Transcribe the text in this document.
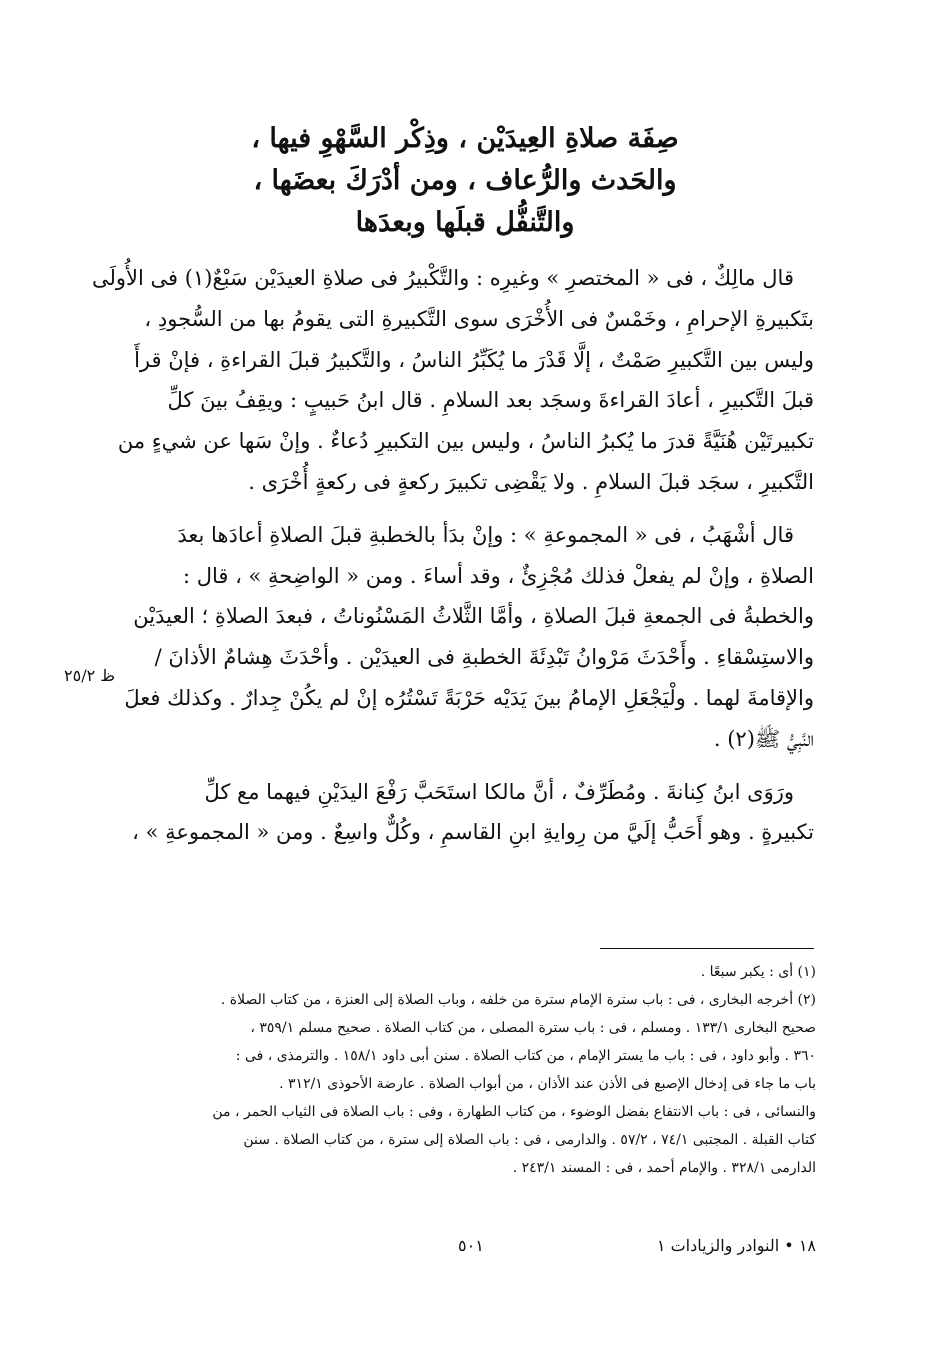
صِفَة صلاةِ العِيدَيْن ، وذِكْر السَّهْوِ فيها ،
والحَدث والرُّعاف ، ومن أدْرَكَ بعضَها ،
والتَّنفُّل قبلَها وبعدَها
قال مالِكٌ ، فى « المختصرِ » وغيرِه : والتَّكْبيرُ فى صلاةِ العيدَيْن سَبْعٌ(١) فى الأُولَى
بتَكبيرةِ الإحرامِ ، وخَمْسٌ فى الأُخْرَى سوى التَّكبيرةِ التى يقومُ بها من السُّجودِ ،
وليس بين التَّكبيرِ صَمْتٌ ، إلَّا قَدْرَ ما يُكَبِّرُ الناسُ ، والتَّكبيرُ قبلَ القراءةِ ، فإنْ قرأَ
قبلَ التَّكبيرِ ، أعادَ القراءةَ وسجَد بعد السلامِ . قال ابنُ حَبيبٍ : ويقِفُ بينَ كلِّ
تكبيرتَيْن هُنَيَّةً قدرَ ما يُكبرُ الناسُ ، وليس بين التكبيرِ دُعاءٌ . وإنْ سَها عن شيءٍ من
التَّكبيرِ ، سجَد قبلَ السلامِ . ولا يَقْضِى تكبيرَ ركعةٍ فى ركعةٍ أُخْرَى .
قال أشْهَبُ ، فى « المجموعةِ » : وإنْ بدَأ بالخطبةِ قبلَ الصلاةِ أعادَها بعدَ
الصلاةِ ، وإنْ لم يفعلْ فذلك مُجْزِئٌ ، وقد أساءَ . ومن « الواضِحةِ » ، قال :
والخطبةُ فى الجمعةِ قبلَ الصلاةِ ، وأمَّا الثَّلاثُ المَسْنُوناتُ ، فبعدَ الصلاةِ ؛ العيدَيْن
والاستِسْقاءِ . وأَحْدَثَ مَرْوانُ تَبْدِئَةَ الخطبةِ فى العيدَيْن . وأحْدَثَ هِشامٌ الأذانَ /
والإقامةَ لهما . ولْيَجْعَلِ الإمامُ بينَ يَدَيْه حَرْبَةً تَسْتُرُه إنْ لم يكُنْ جِدارٌ . وكذلك فعلَ
النَّبِيُّ ﷺ(٢) .
ورَوَى ابنُ كِنانةَ . ومُطَرِّفٌ ، أنَّ مالكا استَحَبَّ رَفْعَ اليدَيْنِ فيهما مع كلِّ
تكبيرةٍ . وهو أَحَبُّ إلَيَّ من رِوايةِ ابنِ القاسمِ ، وكُلٌّ واسِعٌ . ومن « المجموعةِ » ،
ظ ٢٥/٢
(١) أى : يكبر سبعًا .
(٢) أخرجه البخارى ، فى : باب سترة الإمام سترة من خلفه ، وباب الصلاة إلى العنزة ، من كتاب الصلاة .
صحيح البخارى ١٣٣/١ . ومسلم ، فى : باب سترة المصلى ، من كتاب الصلاة . صحيح مسلم ٣٥٩/١ ،
٣٦٠ . وأبو داود ، فى : باب ما يستر الإمام ، من كتاب الصلاة . سنن أبى داود ١٥٨/١ . والترمذى ، فى :
باب ما جاء فى إدخال الإصبع فى الأذن عند الأذان ، من أبواب الصلاة . عارضة الأحوذى ٣١٢/١ .
والنسائى ، فى : باب الانتفاع بفضل الوضوء ، من كتاب الطهارة ، وفى : باب الصلاة فى الثياب الحمر ، من
كتاب القبلة . المجتبى ٧٤/١ ، ٥٧/٢ . والدارمى ، فى : باب الصلاة إلى سترة ، من كتاب الصلاة . سنن
الدارمى ٣٢٨/١ . والإمام أحمد ، فى : المسند ٢٤٣/١ .
١٨ • النوادر والزيادات ١
٥٠١
